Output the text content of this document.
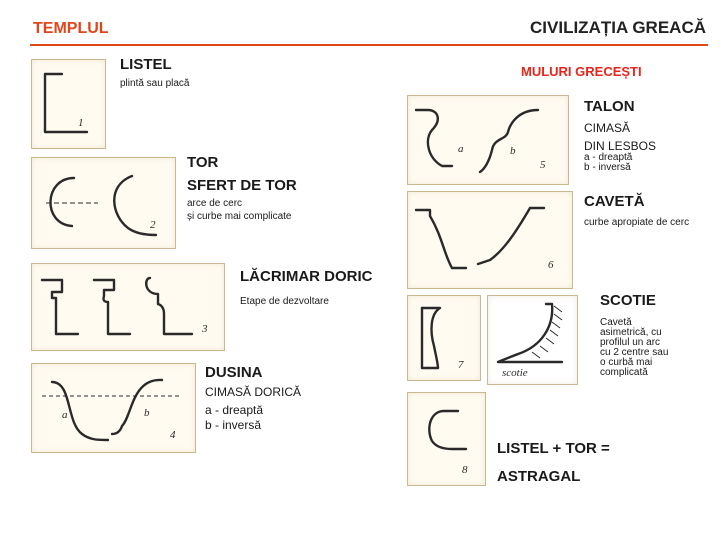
TEMPLUL	CIVILIZAȚIA GREACĂ
MULURI GRECEȘTI
1
LISTEL
plintă sau placă
2
TOR
SFERT DE TOR
arce de cerc
și curbe mai complicate
3
LĂCRIMAR DORIC
Etape de dezvoltare
a	b
4
DUSINA
CIMASĂ DORICĂ
a - dreaptă
b - inversă
a	b
5
TALON
CIMASĂ
DIN LESBOS
a - dreaptă
b - inversă
6
CAVETĂ
curbe apropiate de cerc
7
scotie
SCOTIE
Cavetă
asimetrică, cu
profilul un arc
cu 2 centre sau
o curbă mai
complicată
8
LISTEL + TOR =
ASTRAGAL
